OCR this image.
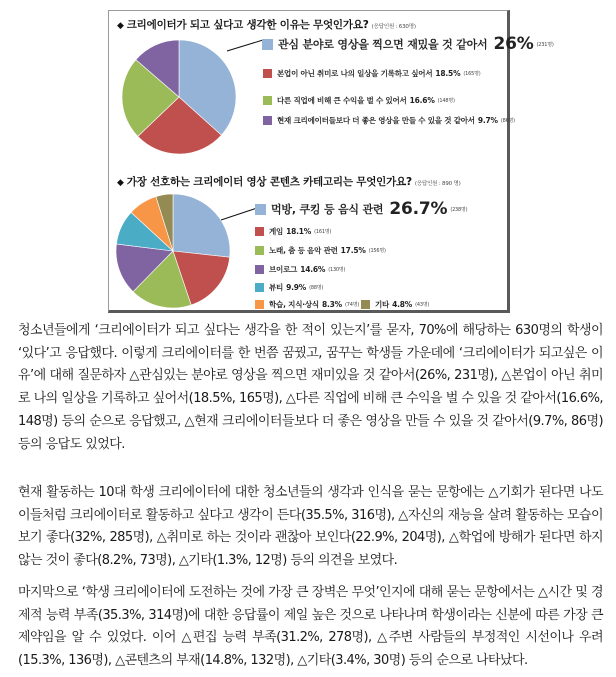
◆ 크리에이터가 되고 싶다고 생각한 이유는 무엇인가요? (응답인원 : 630명)
관심 분야로 영상을 찍으면 재밌을 것 같아서 26% (231명)
본업이 아닌 취미로 나의 일상을 기록하고 싶어서 18.5% (165명)
다른 직업에 비해 큰 수익을 벌 수 있어서 16.6% (148명)
현재 크리에이터들보다 더 좋은 영상을 만들 수 있을 것 같아서 9.7% (86명)
◆ 가장 선호하는 크리에이터 영상 콘텐츠 카테고리는 무엇인가요? (응답인원 : 890 명)
먹방, 쿠킹 등 음식 관련 26.7% (238명)
게임 18.1% (161명)
노래, 춤 등 음악 관련 17.5% (156명)
브이로그 14.6% (130명)
뷰티 9.9% (88명)
학습, 지식·상식 8.3% (74명) 기타 4.8% (43명)

청소년들에게 ‘크리에이터가 되고 싶다는 생각을 한 적이 있는지’를 묻자, 70%에 해당하는 630명의 학생이 ‘있다’고 응답했다. 이렇게 크리에이터를 한 번쯤 꿈꿨고, 꿈꾸는 학생들 가운데에 ‘크리에이터가 되고싶은 이유’에 대해 질문하자 △관심있는 분야로 영상을 찍으면 재미있을 것 같아서(26%, 231명), △본업이 아닌 취미로 나의 일상을 기록하고 싶어서(18.5%, 165명), △다른 직업에 비해 큰 수익을 벌 수 있을 것 같아서(16.6%, 148명) 등의 순으로 응답했고, △현재 크리에이터들보다 더 좋은 영상을 만들 수 있을 것 같아서(9.7%, 86명) 등의 응답도 있었다.

현재 활동하는 10대 학생 크리에이터에 대한 청소년들의 생각과 인식을 묻는 문항에는 △기회가 된다면 나도 이들처럼 크리에이터로 활동하고 싶다고 생각이 든다(35.5%, 316명), △자신의 재능을 살려 활동하는 모습이 보기 좋다(32%, 285명), △취미로 하는 것이라 괜찮아 보인다(22.9%, 204명), △학업에 방해가 된다면 하지 않는 것이 좋다(8.2%, 73명), △기타(1.3%, 12명) 등의 의견을 보였다.

마지막으로 ‘학생 크리에이터에 도전하는 것에 가장 큰 장벽은 무엇’인지에 대해 묻는 문항에서는 △시간 및 경제적 능력 부족(35.3%, 314명)에 대한 응답률이 제일 높은 것으로 나타나며 학생이라는 신분에 따른 가장 큰 제약임을 알 수 있었다. 이어 △편집 능력 부족(31.2%, 278명), △주변 사람들의 부정적인 시선이나 우려(15.3%, 136명), △콘텐츠의 부재(14.8%, 132명), △기타(3.4%, 30명) 등의 순으로 나타났다.
